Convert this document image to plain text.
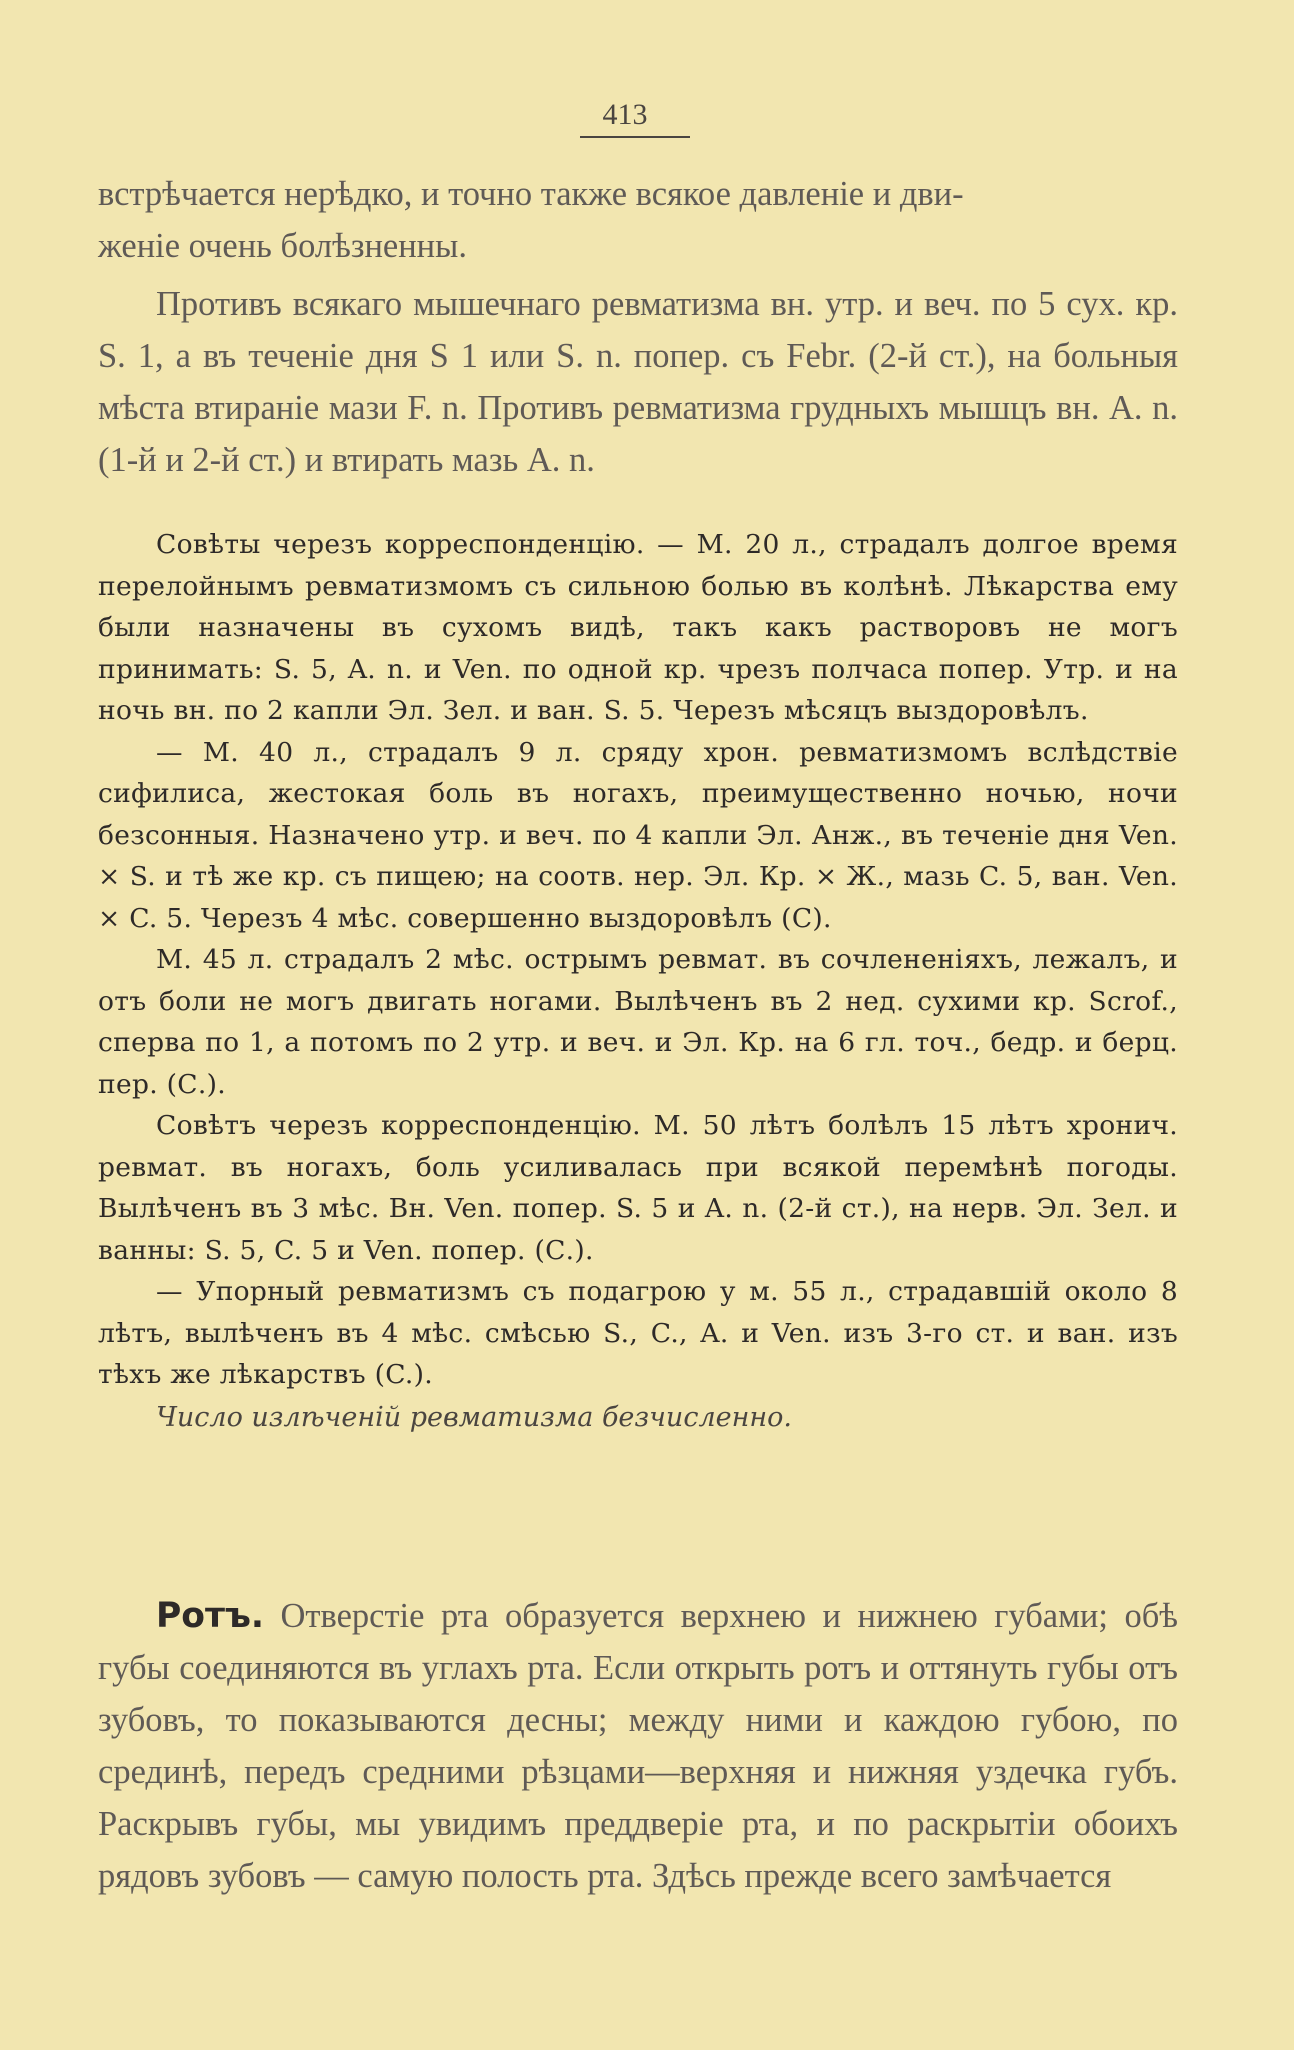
413

встрѣчается нерѣдко, и точно также всякое давленіе и дви-
женіе очень болѣзненны.

Противъ всякаго мышечнаго ревматизма вн. утр. и веч. по 5 сух. кр. S. 1, а въ теченіе дня S 1 или S. n. попер. съ Febr. (2-й ст.), на больныя мѣста втираніе мази F. n. Противъ ревматизма грудныхъ мышцъ вн. A. n. (1-й и 2-й ст.) и втирать мазь A. n.

Совѣты черезъ корреспонденцію. — М. 20 л., страдалъ долгое время перелойнымъ ревматизмомъ съ сильною болью въ колѣнѣ. Лѣкарства ему были назначены въ сухомъ видѣ, такъ какъ растворовъ не могъ принимать: S. 5, A. n. и Ven. по одной кр. чрезъ полчаса попер. Утр. и на ночь вн. по 2 капли Эл. Зел. и ван. S. 5. Черезъ мѣсяцъ выздоровѣлъ.

— М. 40 л., страдалъ 9 л. сряду хрон. ревматизмомъ вслѣдствіе сифилиса, жестокая боль въ ногахъ, преимущественно ночью, ночи безсонныя. Назначено утр. и веч. по 4 капли Эл. Анж., въ теченіе дня Ven. × S. и тѣ же кр. съ пищею; на соотв. нер. Эл. Кр. × Ж., мазь C. 5, ван. Ven. × C. 5. Черезъ 4 мѣс. совершенно выздоровѣлъ (C).

М. 45 л. страдалъ 2 мѣс. острымъ ревмат. въ сочлененіяхъ, лежалъ, и отъ боли не могъ двигать ногами. Вылѣченъ въ 2 нед. сухими кр. Scrof., сперва по 1, а потомъ по 2 утр. и веч. и Эл. Кр. на 6 гл. точ., бедр. и берц. пер. (С.).

Совѣтъ черезъ корреспонденцію. М. 50 лѣтъ болѣлъ 15 лѣтъ хронич. ревмат. въ ногахъ, боль усиливалась при всякой перемѣнѣ погоды. Вылѣченъ въ 3 мѣс. Вн. Ven. попер. S. 5 и A. n. (2-й ст.), на нерв. Эл. Зел. и ванны: S. 5, C. 5 и Ven. попер. (С.).

— Упорный ревматизмъ съ подагрою у м. 55 л., страдавшій около 8 лѣтъ, вылѣченъ въ 4 мѣс. смѣсью S., C., A. и Ven. изъ 3-го ст. и ван. изъ тѣхъ же лѣкарствъ (C.).

Число излѣченій ревматизма безчисленно.

Ротъ. Отверстіе рта образуется верхнею и нижнею губами; обѣ губы соединяются въ углахъ рта. Если открыть ротъ и оттянуть губы отъ зубовъ, то показываются десны; между ними и каждою губою, по срединѣ, передъ средними рѣзцами—верхняя и нижняя уздечка губъ. Раскрывъ губы, мы увидимъ преддверіе рта, и по раскрытіи обоихъ рядовъ зубовъ — самую полость рта. Здѣсь прежде всего замѣчается
